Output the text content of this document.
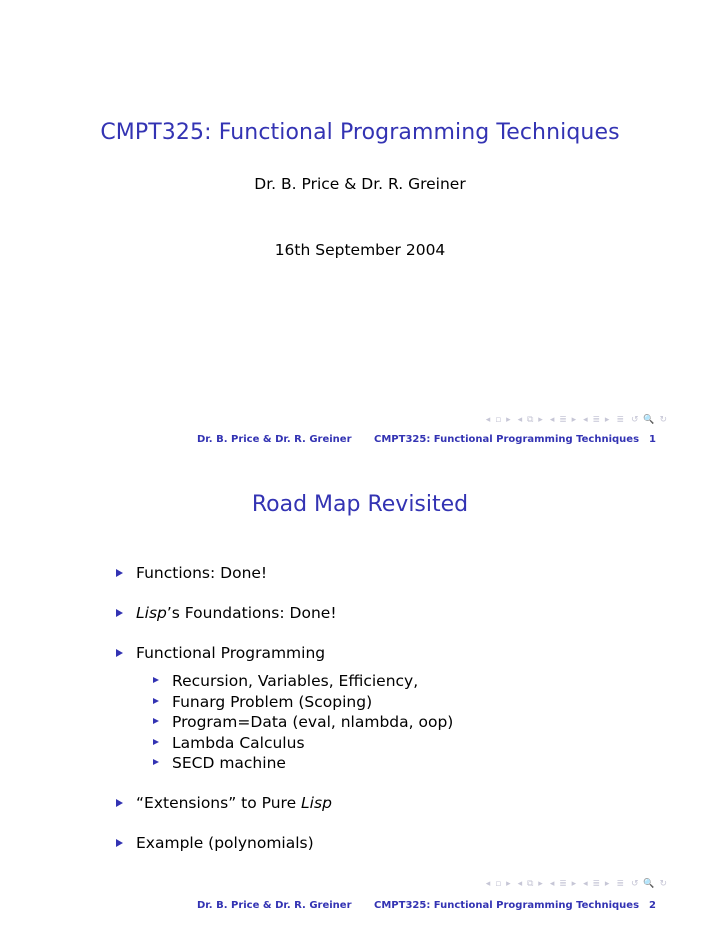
CMPT325: Functional Programming Techniques
Dr. B. Price & Dr. R. Greiner
16th September 2004
◂ ▫ ▸ ◂ ⧉ ▸ ◂ ≣ ▸ ◂ ≣ ▸ ≣ ↺ 🔍 ↻
Dr. B. Price & Dr. R. Greiner CMPT325: Functional Programming Techniques 1
Road Map Revisited
Functions: Done!
Lisp’s Foundations: Done!
Functional Programming
Recursion, Variables, Efficiency,
Funarg Problem (Scoping)
Program=Data (eval, nlambda, oop)
Lambda Calculus
SECD machine
“Extensions” to Pure Lisp
Example (polynomials)
◂ ▫ ▸ ◂ ⧉ ▸ ◂ ≣ ▸ ◂ ≣ ▸ ≣ ↺ 🔍 ↻
Dr. B. Price & Dr. R. Greiner CMPT325: Functional Programming Techniques 2
